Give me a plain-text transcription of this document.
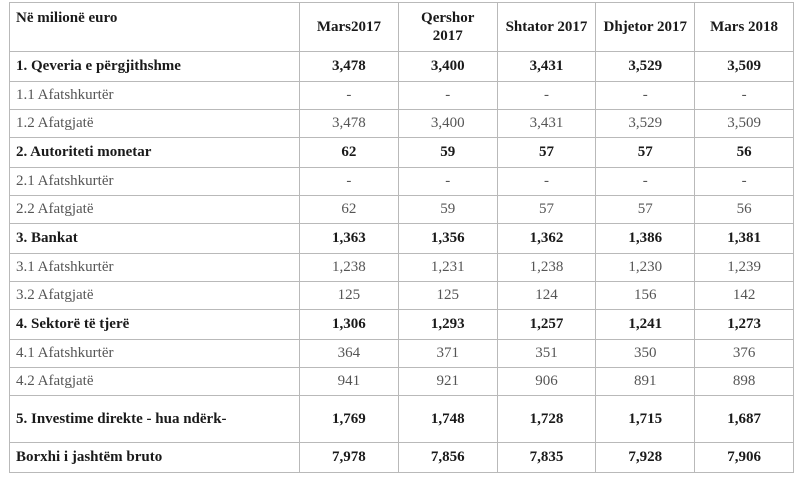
Në milionë euro	Mars2017	Qershor 2017	Shtator 2017	Dhjetor 2017	Mars 2018
1. Qeveria e përgjithshme	3,478	3,400	3,431	3,529	3,509
1.1 Afatshkurtër	-	-	-	-	-
1.2 Afatgjatë	3,478	3,400	3,431	3,529	3,509
2. Autoriteti monetar	62	59	57	57	56
2.1 Afatshkurtër	-	-	-	-	-
2.2 Afatgjatë	62	59	57	57	56
3. Bankat	1,363	1,356	1,362	1,386	1,381
3.1 Afatshkurtër	1,238	1,231	1,238	1,230	1,239
3.2 Afatgjatë	125	125	124	156	142
4. Sektorë të tjerë	1,306	1,293	1,257	1,241	1,273
4.1 Afatshkurtër	364	371	351	350	376
4.2 Afatgjatë	941	921	906	891	898
5. Investime direkte - hua ndërk-	1,769	1,748	1,728	1,715	1,687
Borxhi i jashtëm bruto	7,978	7,856	7,835	7,928	7,906
